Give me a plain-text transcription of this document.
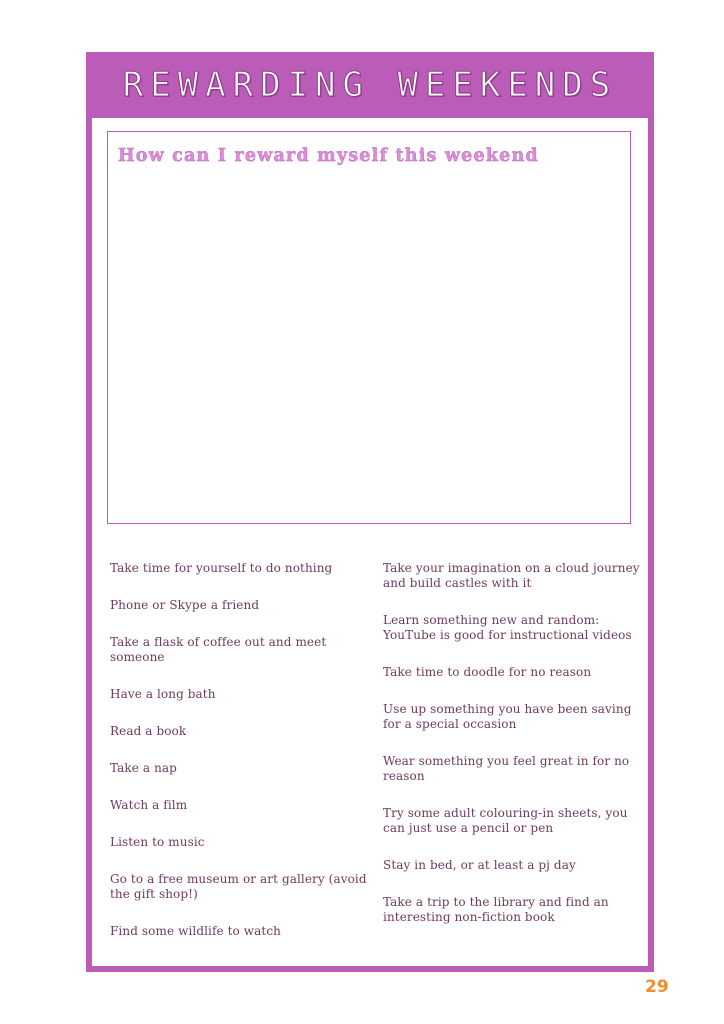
REWARDING WEEKENDS
How can I reward myself this weekend

Take time for yourself to do nothing

Phone or Skype a friend

Take a flask of coffee out and meet someone

Have a long bath

Read a book

Take a nap

Watch a film

Listen to music

Go to a free museum or art gallery (avoid the gift shop!)

Find some wildlife to watch

Take your imagination on a cloud journey and build castles with it

Learn something new and random: YouTube is good for instructional videos

Take time to doodle for no reason

Use up something you have been saving for a special occasion

Wear something you feel great in for no reason

Try some adult colouring-in sheets, you can just use a pencil or pen

Stay in bed, or at least a pj day

Take a trip to the library and find an interesting non-fiction book

29
